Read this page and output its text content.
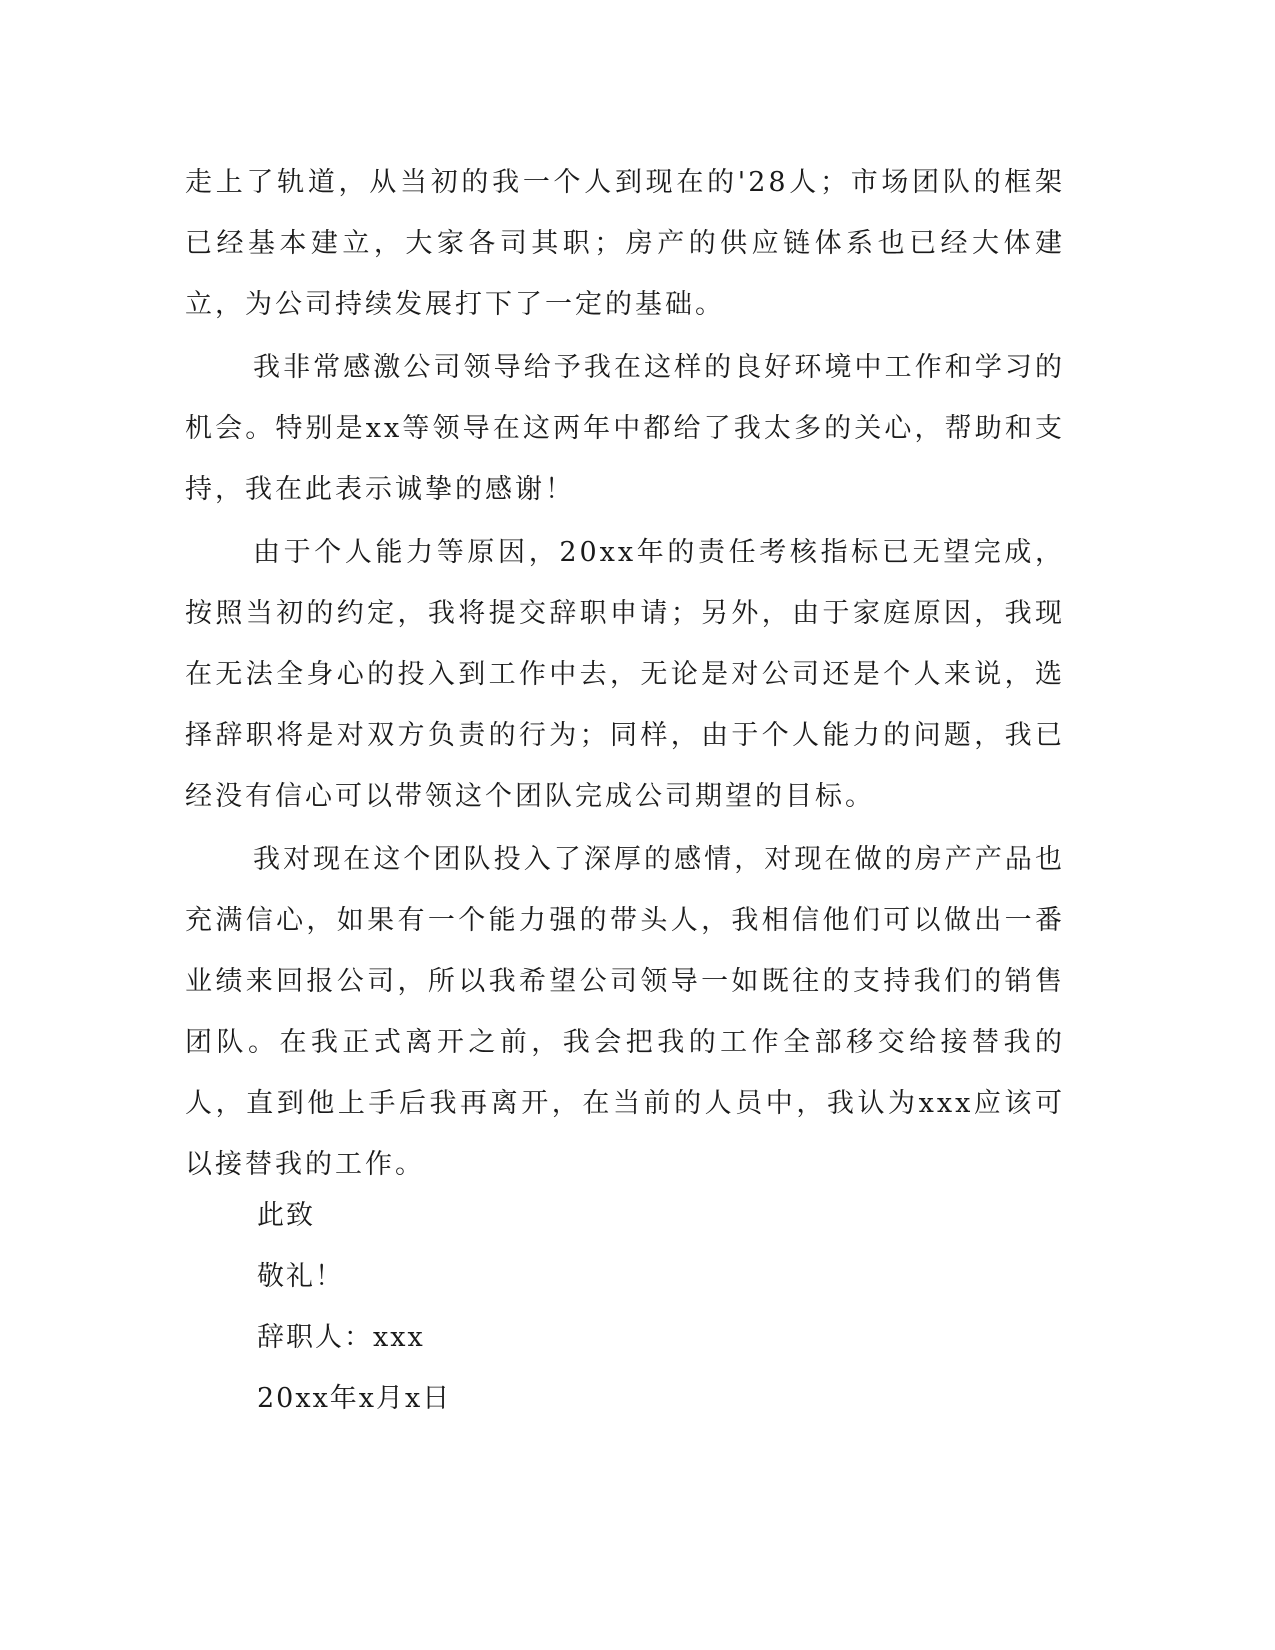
走上了轨道，从当初的我一个人到现在的'28人；市场团队的框架已经基本建立，大家各司其职；房产的供应链体系也已经大体建立，为公司持续发展打下了一定的基础。

我非常感激公司领导给予我在这样的良好环境中工作和学习的机会。特别是xx等领导在这两年中都给了我太多的关心，帮助和支持，我在此表示诚挚的感谢！

由于个人能力等原因，20xx年的责任考核指标已无望完成，按照当初的约定，我将提交辞职申请；另外，由于家庭原因，我现在无法全身心的投入到工作中去，无论是对公司还是个人来说，选择辞职将是对双方负责的行为；同样，由于个人能力的问题，我已经没有信心可以带领这个团队完成公司期望的目标。

我对现在这个团队投入了深厚的感情，对现在做的房产产品也充满信心，如果有一个能力强的带头人，我相信他们可以做出一番业绩来回报公司，所以我希望公司领导一如既往的支持我们的销售团队。在我正式离开之前，我会把我的工作全部移交给接替我的人，直到他上手后我再离开，在当前的人员中，我认为xxx应该可以接替我的工作。

此致
敬礼！
辞职人：xxx
20xx年x月x日
